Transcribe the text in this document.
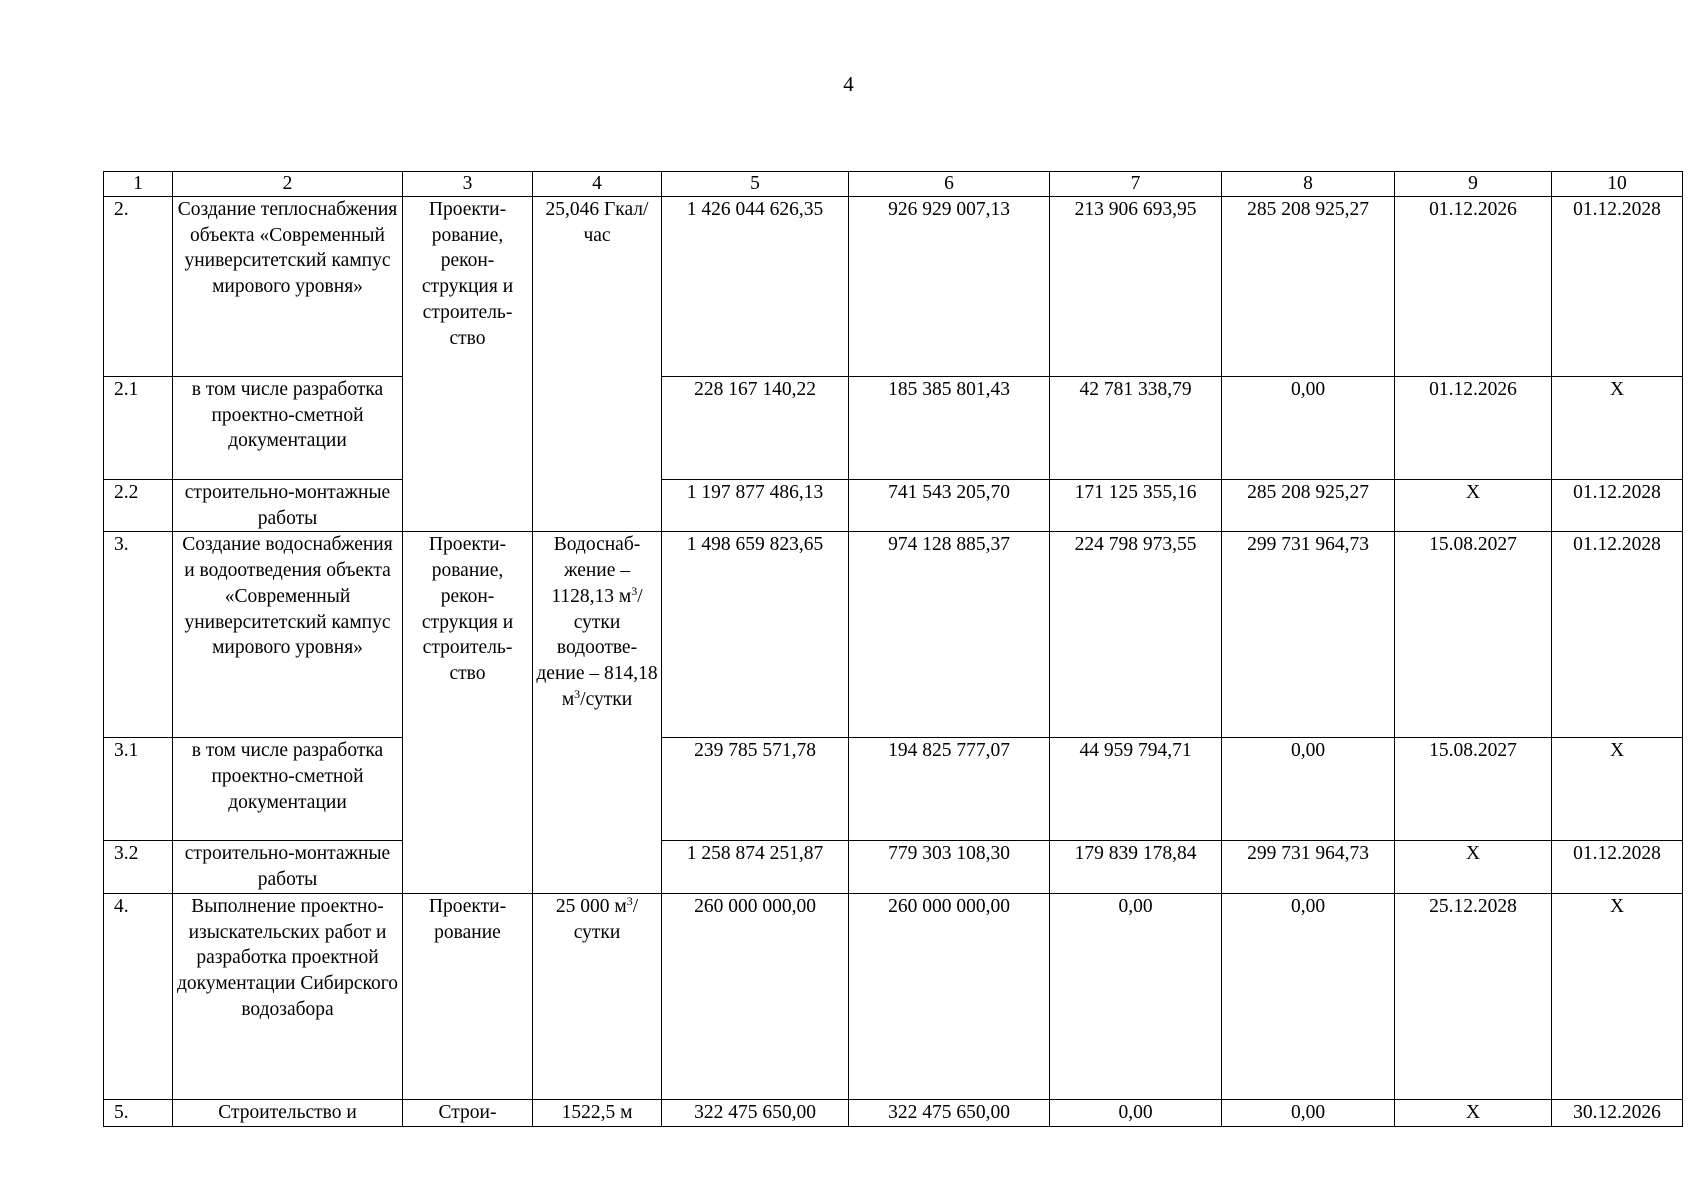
4
1	2	3	4	5	6	7	8	9	10
2.	Создание теплоснабжения объекта «Современный университетский кампус мирового уровня»	Проекти-рование, рекон-струкция и строитель-ство	25,046 Гкал/час	1 426 044 626,35	926 929 007,13	213 906 693,95	285 208 925,27	01.12.2026	01.12.2028
2.1	в том числе разработка проектно-сметной документации			228 167 140,22	185 385 801,43	42 781 338,79	0,00	01.12.2026	Х
2.2	строительно-монтажные работы			1 197 877 486,13	741 543 205,70	171 125 355,16	285 208 925,27	Х	01.12.2028
3.	Создание водоснабжения и водоотведения объекта «Современный университетский кампус мирового уровня»	Проекти-рование, рекон-струкция и строитель-ство	Водоснаб-жение – 1128,13 $м^3$/сутки водоотве-дение – 814,18 $м^3$/сутки	1 498 659 823,65	974 128 885,37	224 798 973,55	299 731 964,73	15.08.2027	01.12.2028
3.1	в том числе разработка проектно-сметной документации			239 785 571,78	194 825 777,07	44 959 794,71	0,00	15.08.2027	Х
3.2	строительно-монтажные работы			1 258 874 251,87	779 303 108,30	179 839 178,84	299 731 964,73	Х	01.12.2028
4.	Выполнение проектно-изыскательских работ и разработка проектной документации Сибирского водозабора	Проекти-рование	25 000 $м^3$/сутки	260 000 000,00	260 000 000,00	0,00	0,00	25.12.2028	Х
5.	Строительство и	Строи-	1522,5 м	322 475 650,00	322 475 650,00	0,00	0,00	Х	30.12.2026
